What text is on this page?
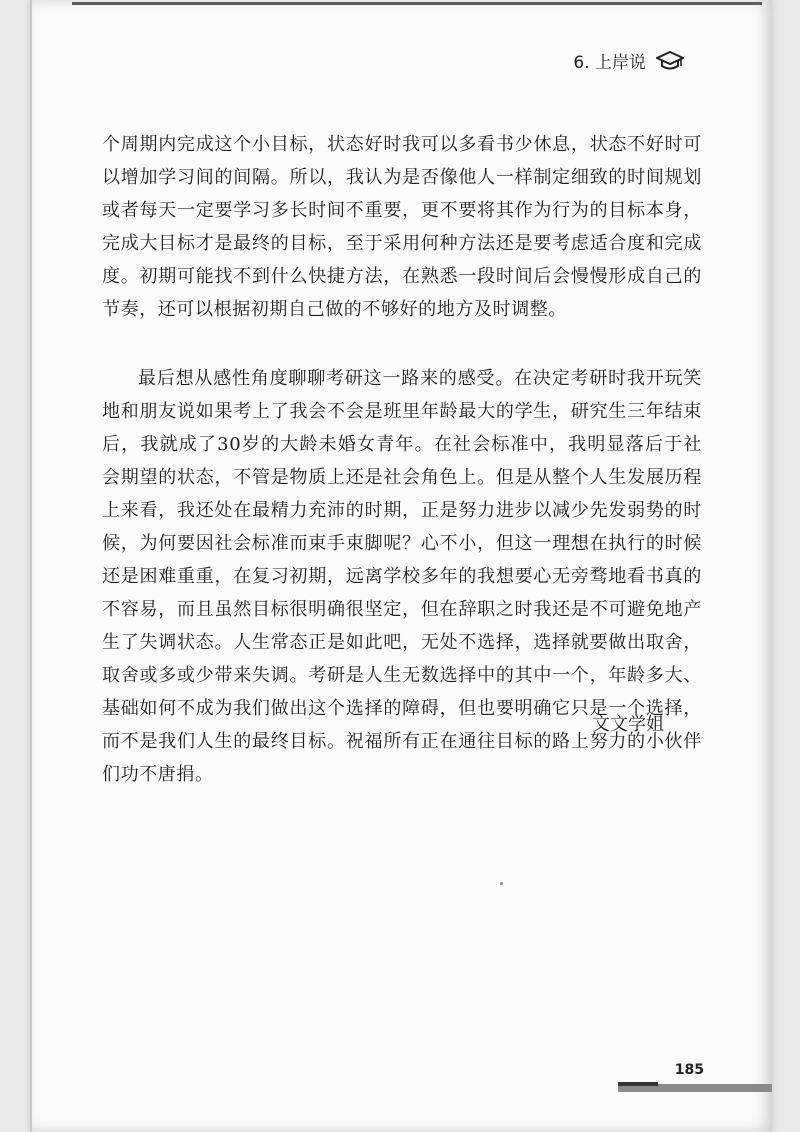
6. 上岸说

个周期内完成这个小目标，状态好时我可以多看书少休息，状态不好时可以增加学习间的间隔。所以，我认为是否像他人一样制定细致的时间规划或者每天一定要学习多长时间不重要，更不要将其作为行为的目标本身，完成大目标才是最终的目标，至于采用何种方法还是要考虑适合度和完成度。初期可能找不到什么快捷方法，在熟悉一段时间后会慢慢形成自己的节奏，还可以根据初期自己做的不够好的地方及时调整。

最后想从感性角度聊聊考研这一路来的感受。在决定考研时我开玩笑地和朋友说如果考上了我会不会是班里年龄最大的学生，研究生三年结束后，我就成了30岁的大龄未婚女青年。在社会标准中，我明显落后于社会期望的状态，不管是物质上还是社会角色上。但是从整个人生发展历程上来看，我还处在最精力充沛的时期，正是努力进步以减少先发弱势的时候，为何要因社会标准而束手束脚呢？心不小，但这一理想在执行的时候还是困难重重，在复习初期，远离学校多年的我想要心无旁骛地看书真的不容易，而且虽然目标很明确很坚定，但在辞职之时我还是不可避免地产生了失调状态。人生常态正是如此吧，无处不选择，选择就要做出取舍，取舍或多或少带来失调。考研是人生无数选择中的其中一个，年龄多大、基础如何不成为我们做出这个选择的障碍，但也要明确它只是一个选择，而不是我们人生的最终目标。祝福所有正在通往目标的路上努力的小伙伴们功不唐捐。

文文学姐
185
